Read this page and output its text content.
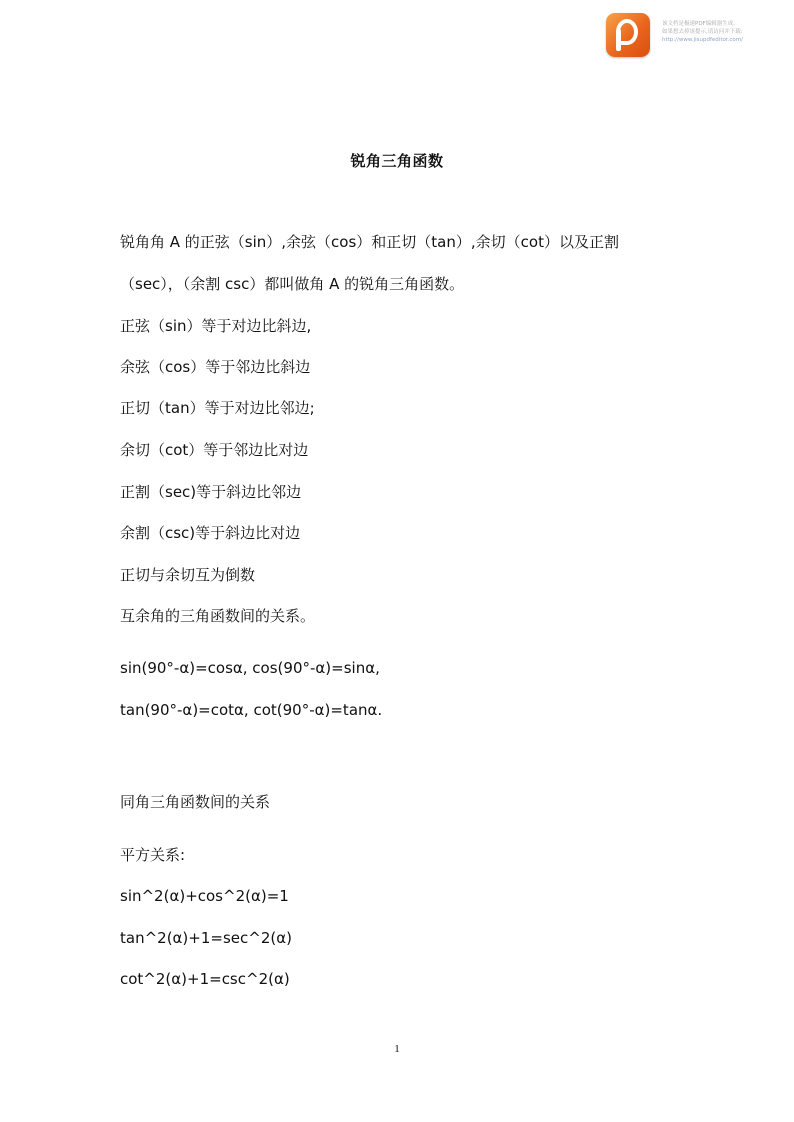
该文档是极速PDF编辑器生成,
如果想去掉该提示,请访问并下载:
http://www.jisupdfeditor.com/
锐角三角函数
锐角角 A 的正弦（sin）,余弦（cos）和正切（tan）,余切（cot）以及正割
（sec），（余割 csc）都叫做角 A 的锐角三角函数。
正弦（sin）等于对边比斜边,
余弦（cos）等于邻边比斜边
正切（tan）等于对边比邻边;
余切（cot）等于邻边比对边
正割（sec)等于斜边比邻边
余割（csc)等于斜边比对边
正切与余切互为倒数
互余角的三角函数间的关系。
sin(90°-α)=cosα, cos(90°-α)=sinα,
tan(90°-α)=cotα, cot(90°-α)=tanα.
同角三角函数间的关系
平方关系:
sin^2(α)+cos^2(α)=1
tan^2(α)+1=sec^2(α)
cot^2(α)+1=csc^2(α)
1
